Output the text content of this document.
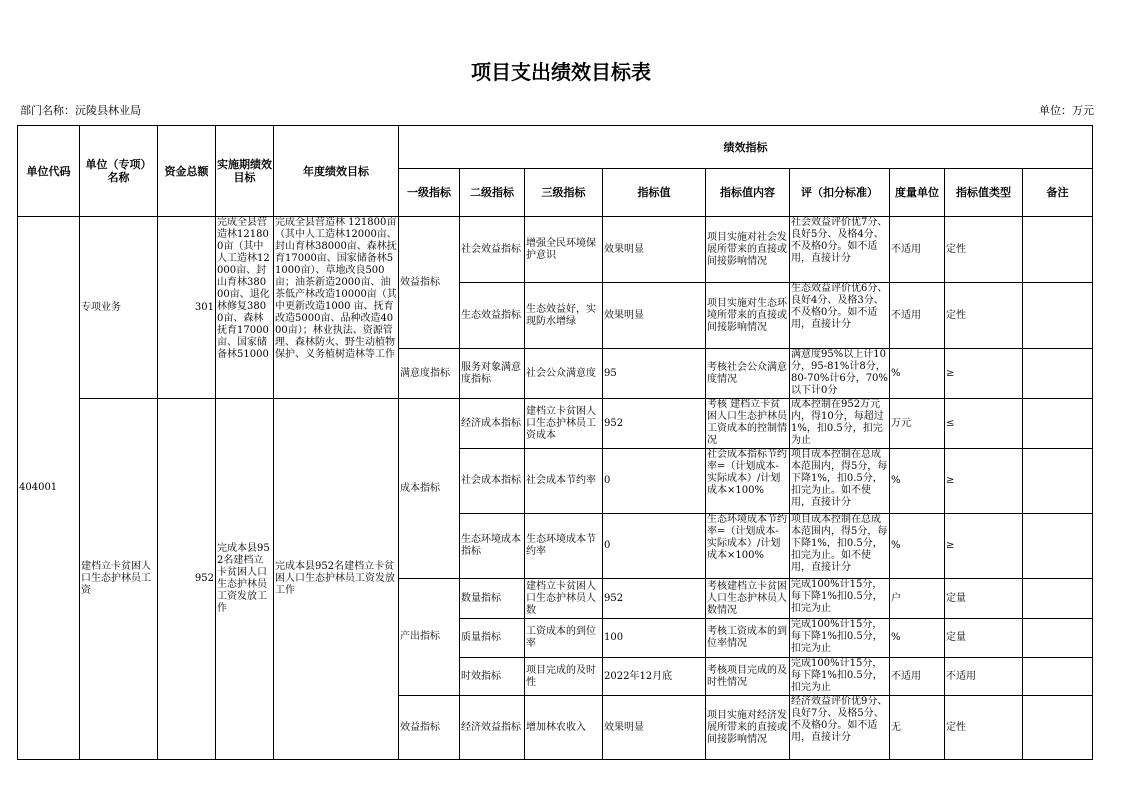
项目支出绩效目标表
部门名称：沅陵县林业局	单位：万元
单位代码	单位（专项）名称	资金总额	实施期绩效目标	年度绩效目标	绩效指标								
					一级指标	二级指标	三级指标	指标值	指标值内容	评（扣分标准）	度量单位	指标值类型	备注
404001	专项业务	301	完成全县营造林121800亩（其中人工造林12000亩、封山育林38000亩、退化林修复3800亩、森林抚育17000亩、国家储备林51000	完成全县营造林 121800亩（其中人工造林12000亩、封山育林38000亩、森林抚育17000亩、国家储备林51000亩）、草地改良500亩；油茶新造2000亩、油茶低产林改造10000亩（其中更新改造1000 亩、抚育改造5000亩、品种改造4000亩）；林业执法、资源管理、森林防火、野生动植物保护、义务植树造林等工作	效益指标	社会效益指标	增强全民环境保护意识	效果明显	项目实施对社会发展所带来的直接或间接影响情况	社会效益评价优7分、良好5分、及格4分、不及格0分。如不适用，直接计分	不适用	定性	
						生态效益指标	生态效益好，实现防水增绿	效果明显	项目实施对生态环境所带来的直接或间接影响情况	生态效益评价优6分、良好4分、及格3分、不及格0分。如不适用，直接计分	不适用	定性	
					满意度指标	服务对象满意度指标	社会公众满意度	95	考核社会公众满意度情况	满意度95%以上计10分，95-81%计8分，80-70%计6分，70%以下计0分	%	≥	
	建档立卡贫困人口生态护林员工资	952	完成本县952名建档立卡贫困人口生态护林员工资发放工作	完成本县952名建档立卡贫困人口生态护林员工资发放工作	成本指标	经济成本指标	建档立卡贫困人口生态护林员工资成本	952	考核 建档立卡贫困人口生态护林员工资成本的控制情况	成本控制在952万元内，得10分，每超过1%，扣0.5分，扣完为止	万元	≤	
						社会成本指标	社会成本节约率	0	社会成本指标节约率=（计划成本-实际成本）/计划成本×100%	项目成本控制在总成本范围内，得5分，每下降1%，扣0.5分，扣完为止。如不使用，直接计分	%	≥	
						生态环境成本指标	生态环境成本节约率	0	生态环境成本节约率=（计划成本-实际成本）/计划成本×100%	项目成本控制在总成本范围内，得5分，每下降1%，扣0.5分，扣完为止。如不使用，直接计分	%	≥	
					产出指标	数量指标	建档立卡贫困人口生态护林员人数	952	考核建档立卡贫困人口生态护林员人数情况	完成100%计15分，每下降1%扣0.5分，扣完为止	户	定量	
						质量指标	工资成本的到位率	100	考核工资成本的到位率情况	完成100%计15分，每下降1%扣0.5分，扣完为止	%	定量	
						时效指标	项目完成的及时性	2022年12月底	考核项目完成的及时性情况	完成100%计15分，每下降1%扣0.5分，扣完为止	不适用	不适用	
					效益指标	经济效益指标	增加林农收入	效果明显	项目实施对经济发展所带来的直接或间接影响情况	经济效益评价优9分、良好7分、及格5分、不及格0分。如不适用，直接计分	无	定性	
